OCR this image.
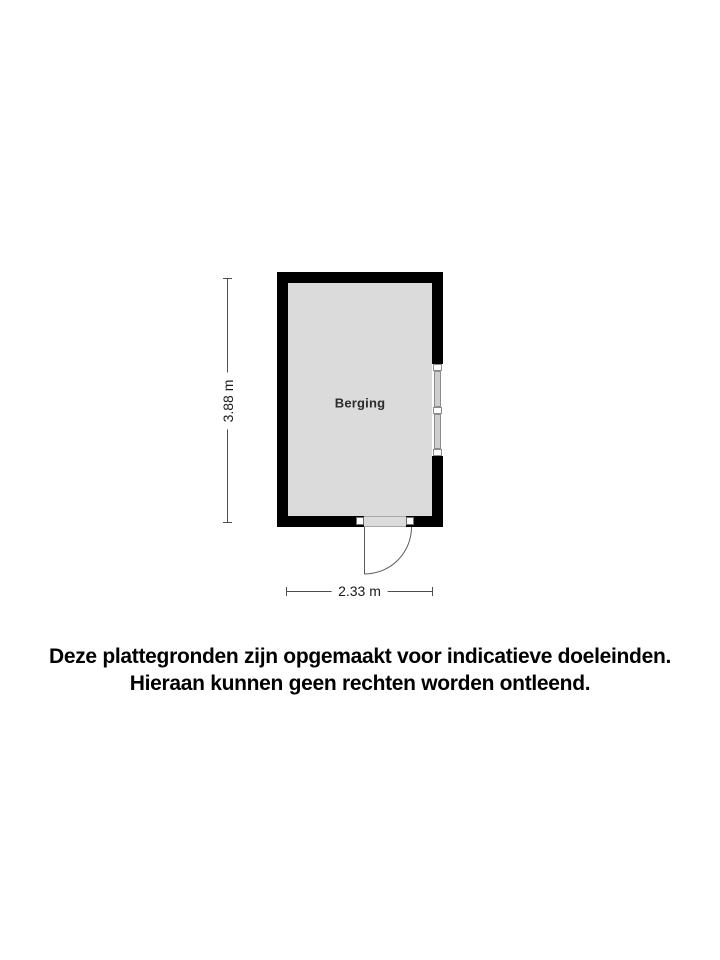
Berging
3.88 m
2.33 m
Deze plattegronden zijn opgemaakt voor indicatieve doeleinden.
Hieraan kunnen geen rechten worden ontleend.
